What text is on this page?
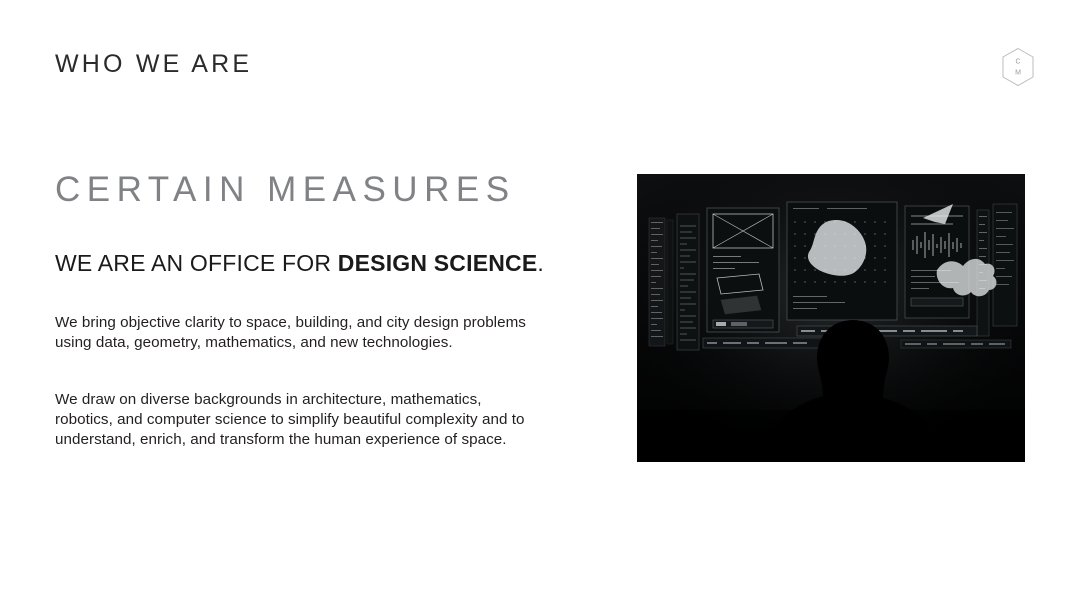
WHO WE ARE	C
M
CERTAIN MEASURES
WE ARE AN OFFICE FOR DESIGN SCIENCE.
We bring objective clarity to space, building, and city design problems using data, geometry, mathematics, and new technologies.
We draw on diverse backgrounds in architecture, mathematics, robotics, and computer science to simplify beautiful complexity and to understand, enrich, and transform the human experience of space.
